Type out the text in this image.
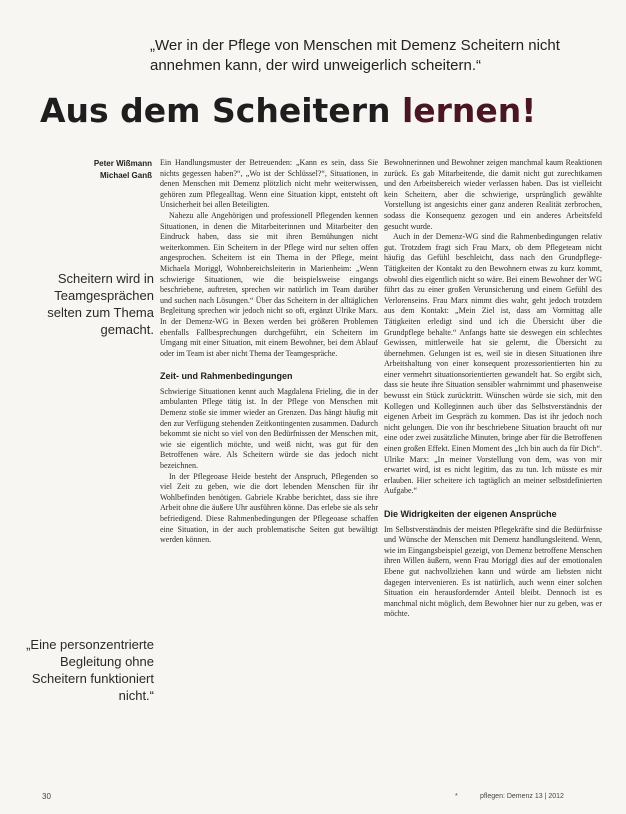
„Wer in der Pflege von Menschen mit Demenz Scheitern nicht annehmen kann, der wird unweigerlich scheitern.“
Aus dem Scheitern lernen!
Peter Wißmann
Michael Ganß
Scheitern wird in Teamgesprächen selten zum Thema gemacht.
„Eine personzentrierte Begleitung ohne Scheitern funktioniert nicht.“

Ein Handlungsmuster der Betreuenden: „Kann es sein, dass Sie nichts gegessen haben?“, „Wo ist der Schlüssel?“, Situationen, in denen Menschen mit Demenz plötzlich nicht mehr weiterwissen, gehören zum Pflegealltag. Wenn eine Situation kippt, entsteht oft Unsicherheit bei allen Beteiligten.

Nahezu alle Angehörigen und professionell Pflegenden kennen Situationen, in denen die Mitarbeiterinnen und Mitarbeiter den Eindruck haben, dass sie mit ihren Bemühungen nicht weiterkommen. Ein Scheitern in der Pflege wird nur selten offen angesprochen. Scheitern ist ein Thema in der Pflege, meint Michaela Moriggl, Wohnbereichsleiterin in Marienheim: „Wenn schwierige Situationen, wie die beispielsweise eingangs beschriebene, auftreten, sprechen wir natürlich im Team darüber und suchen nach Lösungen.“ Über das Scheitern in der alltäglichen Begleitung sprechen wir jedoch nicht so oft, ergänzt Ulrike Marx. In der Demenz-WG in Bexen werden bei größeren Problemen ebenfalls Fallbesprechungen durchgeführt, ein Scheitern im Umgang mit einer Situation, mit einem Bewohner, bei dem Ablauf oder im Team ist aber nicht Thema der Teamgespräche.

Zeit- und Rahmenbedingungen

Schwierige Situationen kennt auch Magdalena Frieling, die in der ambulanten Pflege tätig ist. In der Pflege von Menschen mit Demenz stoße sie immer wieder an Grenzen. Das hängt häufig mit den zur Verfügung stehenden Zeitkontingenten zusammen. Dadurch bekommt sie nicht so viel von den Bedürfnissen der Menschen mit, wie sie eigentlich möchte, und weiß nicht, was gut für den Betroffenen wäre. Als Scheitern würde sie das jedoch nicht bezeichnen.

In der Pflegeoase Heide besteht der Anspruch, Pflegenden so viel Zeit zu geben, wie die dort lebenden Menschen für ihr Wohlbefinden benötigen. Gabriele Krabbe berichtet, dass sie ihre Arbeit ohne die äußere Uhr ausführen könne. Das erlebe sie als sehr befriedigend. Diese Rahmenbedingungen der Pflegeoase schaffen eine Situation, in der auch problematische Seiten gut bewältigt werden können.

Bewohnerinnen und Bewohner zeigen manchmal kaum Reaktionen zurück. Es gab Mitarbeitende, die damit nicht gut zurechtkamen und den Arbeitsbereich wieder verlassen haben. Das ist vielleicht kein Scheitern, aber die schwierige, ursprünglich gewählte Vorstellung ist angesichts einer ganz anderen Realität zerbrochen, sodass die Konsequenz gezogen und ein anderes Arbeitsfeld gesucht wurde.

Auch in der Demenz-WG sind die Rahmenbedingungen relativ gut. Trotzdem fragt sich Frau Marx, ob dem Pflegeteam nicht häufig das Gefühl beschleicht, dass nach den Grundpflege-Tätigkeiten der Kontakt zu den Bewohnern etwas zu kurz kommt, obwohl dies eigentlich nicht so wäre. Bei einem Bewohner der WG führt das zu einer großen Verunsicherung und einem Gefühl des Verlorenseins. Frau Marx nimmt dies wahr, geht jedoch trotzdem aus dem Kontakt: „Mein Ziel ist, dass am Vormittag alle Tätigkeiten erledigt sind und ich die Übersicht über die Grundpflege behalte.“ Anfangs hatte sie deswegen ein schlechtes Gewissen, mittlerweile hat sie gelernt, die Übersicht zu übernehmen. Gelungen ist es, weil sie in diesen Situationen ihre Arbeitshaltung von einer konsequent prozessorientierten hin zu einer vermehrt situationsorientierten gewandelt hat. So ergibt sich, dass sie heute ihre Situation sensibler wahrnimmt und phasenweise bewusst ein Stück zurücktritt. Wünschen würde sie sich, mit den Kollegen und Kolleginnen auch über das Selbstverständnis der eigenen Arbeit im Gespräch zu kommen. Das ist ihr jedoch noch nicht gelungen. Die von ihr beschriebene Situation braucht oft nur eine oder zwei zusätzliche Minuten, bringe aber für die Betroffenen einen großen Effekt. Einen Moment des „Ich bin auch da für Dich“. Ulrike Marx: „In meiner Vorstellung von dem, was von mir erwartet wird, ist es nicht legitim, das zu tun. Ich müsste es mir erlauben. Hier scheitere ich tagtäglich an meiner selbstdefinierten Aufgabe.“

Die Widrigkeiten der eigenen Ansprüche

Im Selbstverständnis der meisten Pflegekräfte sind die Bedürfnisse und Wünsche der Menschen mit Demenz handlungsleitend. Wenn, wie im Eingangsbeispiel gezeigt, von Demenz betroffene Menschen ihren Willen äußern, wenn Frau Moriggl dies auf der emotionalen Ebene gut nachvollziehen kann und würde am liebsten nicht dagegen intervenieren. Es ist natürlich, auch wenn einer solchen Situation ein herausfordernder Anteil bleibt. Dennoch ist es manchmal nicht möglich, dem Bewohner hier nur zu geben, was er möchte.

30	*	pflegen: Demenz 13 | 2012
